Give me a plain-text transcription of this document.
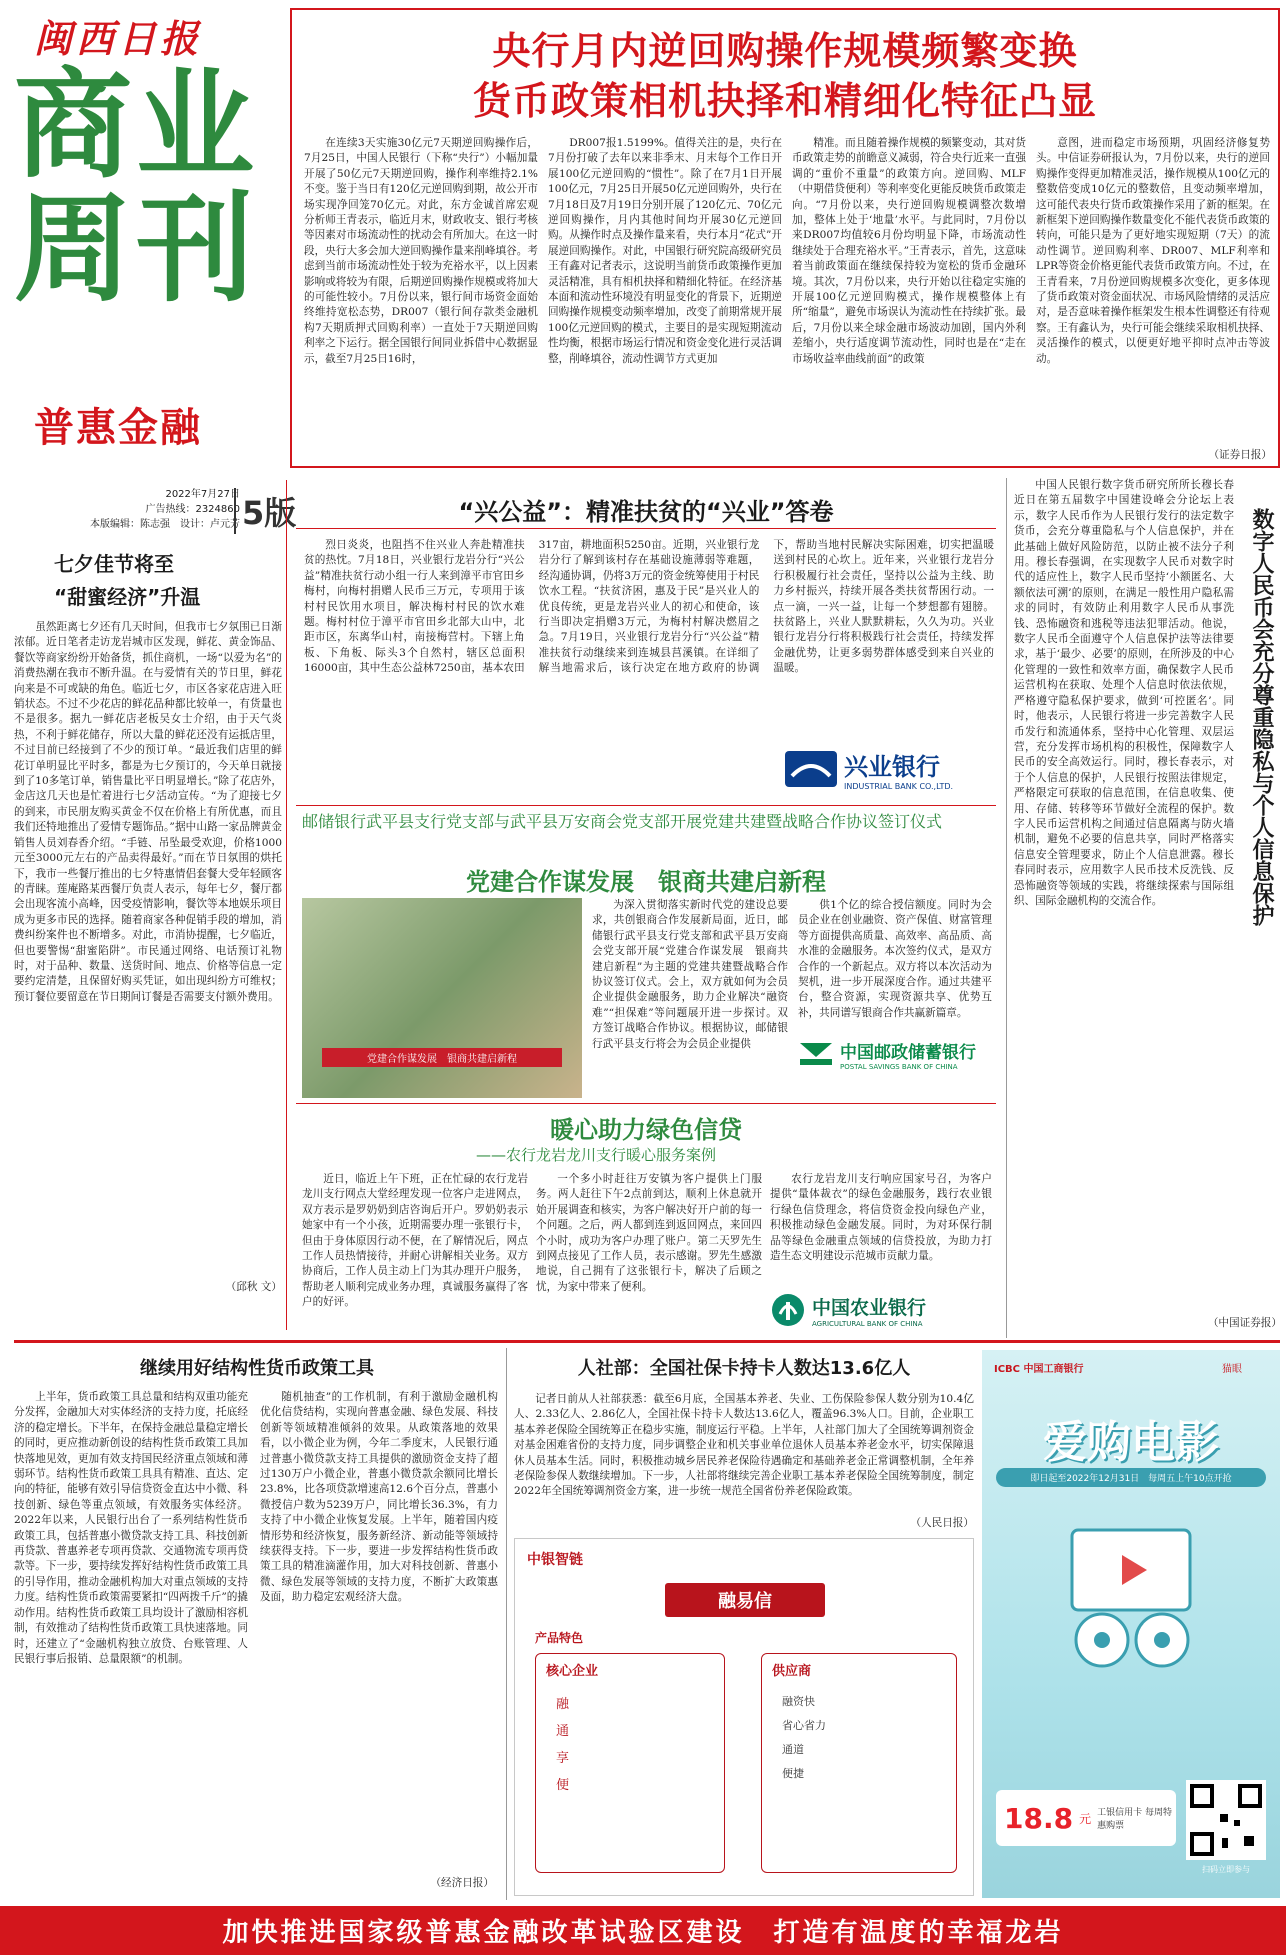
闽西日报
商业周刊
普惠金融
2022年7月27日
广告热线：2324860
本版编辑：陈志强　设计：卢元芳 5版
央行月内逆回购操作规模频繁变换
货币政策相机抉择和精细化特征凸显

在连续3天实施30亿元7天期逆回购操作后，7月25日，中国人民银行（下称“央行”）小幅加量开展了50亿元7天期逆回购，操作利率维持2.1%不变。鉴于当日有120亿元逆回购到期，故公开市场实现净回笼70亿元。对此，东方金诚首席宏观分析师王青表示，临近月末，财政收支、银行考核等因素对市场流动性的扰动会有所加大。在这一时段，央行大多会加大逆回购操作量来削峰填谷。考虑到当前市场流动性处于较为充裕水平，以上因素影响或将较为有限，后期逆回购操作规模或将加大的可能性较小。7月份以来，银行间市场资金面始终维持宽松态势，DR007（银行间存款类金融机构7天期质押式回购利率）一直处于7天期逆回购利率之下运行。据全国银行间同业拆借中心数据显示，截至7月25日16时，

DR007报1.5199%。值得关注的是，央行在7月份打破了去年以来非季末、月末每个工作日开展100亿元逆回购的“惯性”。除了在7月1日开展100亿元，7月25日开展50亿元逆回购外，央行在7月18日及7月19日分别开展了120亿元、70亿元逆回购操作，月内其他时间均开展30亿元逆回购。从操作时点及操作量来看，央行本月“花式”开展逆回购操作。对此，中国银行研究院高级研究员王有鑫对记者表示，这说明当前货币政策操作更加灵活精准，具有相机抉择和精细化特征。在经济基本面和流动性环境没有明显变化的背景下，近期逆回购操作规模变动频率增加，改变了前期常规开展100亿元逆回购的模式，主要目的是实现短期流动性均衡，根据市场运行情况和资金变化进行灵活调整，削峰填谷，流动性调节方式更加

精准。而且随着操作规模的频繁变动，其对货币政策走势的前瞻意义减弱，符合央行近来一直强调的“重价不重量”的政策方向。逆回购、MLF（中期借贷便利）等利率变化更能反映货币政策走向。“7月份以来，央行逆回购规模调整次数增加，整体上处于‘地量’水平。与此同时，7月份以来DR007均值较6月份均明显下降，市场流动性继续处于合理充裕水平。”王青表示，首先，这意味着当前政策面在继续保持较为宽松的货币金融环境。其次，7月份以来，央行开始以往稳定实施的开展100亿元逆回购模式，操作规模整体上有所“缩量”，避免市场误认为流动性在持续扩张。最后，7月份以来全球金融市场波动加剧，国内外利差缩小，央行适度调节流动性，同时也是在“走在市场收益率曲线前面”的政策

意图，进而稳定市场预期，巩固经济修复势头。中信证券研报认为，7月份以来，央行的逆回购操作变得更加精准灵活，操作规模从100亿元的整数倍变成10亿元的整数倍，且变动频率增加，这可能代表央行货币政策操作采用了新的框架。在新框架下逆回购操作数量变化不能代表货币政策的转向，可能只是为了更好地实现短期（7天）的流动性调节。逆回购利率、DR007、MLF利率和LPR等资金价格更能代表货币政策方向。不过，在王青看来，7月份逆回购规模多次变化，更多体现了货币政策对资金面状况、市场风险情绪的灵活应对，是否意味着操作框架发生根本性调整还有待观察。王有鑫认为，央行可能会继续采取相机抉择、灵活操作的模式，以便更好地平抑时点冲击等波动。

（证券日报）
七夕佳节将至
“甜蜜经济”升温

虽然距离七夕还有几天时间，但我市七夕氛围已日渐浓郁。近日笔者走访龙岩城市区发现，鲜花、黄金饰品、餐饮等商家纷纷开始备货，抓住商机，一场“以爱为名”的消费热潮在我市不断升温。在与爱情有关的节日里，鲜花向来是不可或缺的角色。临近七夕，市区各家花店进入旺销状态。不过不少花店的鲜花品种都比较单一，有货量也不是很多。据九一鲜花店老板吴女士介绍，由于天气炎热，不利于鲜花储存，所以大量的鲜花还没有运抵店里，不过目前已经接到了不少的预订单。“最近我们店里的鲜花订单明显比平时多，都是为七夕预订的，今天单日就接到了10多笔订单，销售量比平日明显增长。”除了花店外，金店这几天也是忙着进行七夕活动宣传。“为了迎接七夕的到来，市民朋友购买黄金不仅在价格上有所优惠，而且我们还特地推出了爱情专题饰品。”据中山路一家品牌黄金销售人员刘春香介绍。“手链、吊坠最受欢迎，价格1000元至3000元左右的产品卖得最好。”而在节日氛围的烘托下，我市一些餐厅推出的七夕特惠情侣套餐大受年轻顾客的青睐。莲庵路某西餐厅负责人表示，每年七夕，餐厅都会出现客流小高峰，因受疫情影响，餐饮等本地娱乐项目成为更多市民的选择。随着商家各种促销手段的增加，消费纠纷案件也不断增多。对此，市消协提醒，七夕临近，但也要警惕“甜蜜陷阱”。市民通过网络、电话预订礼物时，对于品种、数量、送货时间、地点、价格等信息一定要约定清楚，且保留好购买凭证，如出现纠纷方可维权；预订餐位要留意在节日期间订餐是否需要支付额外费用。

（邱秋 文）
“兴公益”：精准扶贫的“兴业”答卷

烈日炎炎，也阻挡不住兴业人奔赴精准扶贫的热忱。7月18日，兴业银行龙岩分行“兴公益”精准扶贫行动小组一行人来到漳平市官田乡梅村，向梅村捐赠人民币三万元，专项用于该村村民饮用水项目，解决梅村村民的饮水难题。梅村村位于漳平市官田乡北部大山中，北距市区，东离华山村，南接梅营村。下辖上角板、下角板、际头3个自然村，辖区总面积16000亩，其中生态公益林7250亩，基本农田317亩，耕地面积5250亩。近期，兴业银行龙岩分行了解到该村存在基础设施薄弱等难题，经沟通协调，仍将3万元的资金统筹使用于村民饮水工程。“扶贫济困，惠及于民”是兴业人的优良传统，更是龙岩兴业人的初心和使命，该行当即决定捐赠3万元，为梅村村解决燃眉之急。7月19日，兴业银行龙岩分行“兴公益”精准扶贫行动继续来到连城县莒溪镇。在详细了解当地需求后，该行决定在地方政府的协调下，帮助当地村民解决实际困难，切实把温暖送到村民的心坎上。近年来，兴业银行龙岩分行积极履行社会责任，坚持以公益为主线、助力乡村振兴，持续开展各类扶贫帮困行动。一点一滴，一兴一益，让每一个梦想都有翅膀。扶贫路上，兴业人默默耕耘，久久为功。兴业银行龙岩分行将积极践行社会责任，持续发挥金融优势，让更多弱势群体感受到来自兴业的温暖。

兴业银行
INDUSTRIAL BANK CO.,LTD.	数字人民币会充分尊重隐私与个人信息保护

中国人民银行数字货币研究所所长穆长春近日在第五届数字中国建设峰会分论坛上表示，数字人民币作为人民银行发行的法定数字货币，会充分尊重隐私与个人信息保护，并在此基础上做好风险防范，以防止被不法分子利用。穆长春强调，在实现数字人民币对数字时代的适应性上，数字人民币坚持‘小额匿名、大额依法可溯’的原则，在满足一般性用户隐私需求的同时，有效防止利用数字人民币从事洗钱、恐怖融资和逃税等违法犯罪活动。他说，数字人民币全面遵守个人信息保护法等法律要求，基于‘最少、必要’的原则，在所涉及的中心化管理的一致性和效率方面，确保数字人民币运营机构在获取、处理个人信息时依法依规，严格遵守隐私保护要求，做到‘可控匿名’。同时，他表示，人民银行将进一步完善数字人民币发行和流通体系，坚持中心化管理、双层运营，充分发挥市场机构的积极性，保障数字人民币的安全高效运行。同时，穆长春表示，对于个人信息的保护，人民银行按照法律规定，严格限定可获取的信息范围，在信息收集、使用、存储、转移等环节做好全流程的保护。数字人民币运营机构之间通过信息隔离与防火墙机制，避免不必要的信息共享，同时严格落实信息安全管理要求，防止个人信息泄露。穆长春同时表示，应用数字人民币技术反洗钱、反恐怖融资等领域的实践，将继续探索与国际组织、国际金融机构的交流合作。

（中国证券报）
邮储银行武平县支行党支部与武平县万安商会党支部开展党建共建暨战略合作协议签订仪式
党建合作谋发展　银商共建启新程
党建合作谋发展　银商共建启新程

为深入贯彻落实新时代党的建设总要求，共创银商合作发展新局面，近日，邮储银行武平县支行党支部和武平县万安商会党支部开展“党建合作谋发展　银商共建启新程”为主题的党建共建暨战略合作协议签订仪式。会上，双方就如何为会员企业提供金融服务，助力企业解决“融资难”“担保难”等问题展开进一步探讨。双方签订战略合作协议。根据协议，邮储银行武平县支行将会为会员企业提供

供1个亿的综合授信额度。同时为会员企业在创业融资、资产保值、财富管理等方面提供高质量、高效率、高品质、高水准的金融服务。本次签约仪式，是双方合作的一个新起点。双方将以本次活动为契机，进一步开展深度合作。通过共建平台，整合资源，实现资源共享、优势互补，共同谱写银商合作共赢新篇章。

中国邮政储蓄银行
POSTAL SAVINGS BANK OF CHINA
暖心助力绿色信贷
——农行龙岩龙川支行暖心服务案例

近日，临近上午下班，正在忙碌的农行龙岩龙川支行网点大堂经理发现一位客户走进网点，双方表示是罗奶奶到店咨询后开户。罗奶奶表示她家中有一个小孩，近期需要办理一张银行卡，但由于身体原因行动不便，在了解情况后，网点工作人员热情接待，并耐心讲解相关业务。双方协商后，工作人员主动上门为其办理开户服务，帮助老人顺利完成业务办理，真诚服务赢得了客户的好评。

一个多小时赶往万安镇为客户提供上门服务。两人赶往下午2点前到达，顺利上休息就开始开展调查和核实，为客户解决好开户前的每一个问题。之后，两人都到连到返回网点，来回四个小时，成功为客户办理了账户。第二天罗先生到网点接见了工作人员，表示感谢。罗先生感激地说，自己拥有了这张银行卡，解决了后顾之忧，为家中带来了便利。

农行龙岩龙川支行响应国家号召，为客户提供“量体裁衣”的绿色金融服务，践行农业银行绿色信贷理念，将信贷资金投向绿色产业，积极推动绿色金融发展。同时，为对环保行制品等绿色金融重点领域的信贷投放，为助力打造生态文明建设示范城市贡献力量。

中国农业银行
AGRICULTURAL BANK OF CHINA
继续用好结构性货币政策工具

上半年，货币政策工具总量和结构双重功能充分发挥，金融加大对实体经济的支持力度，托底经济的稳定增长。下半年，在保持金融总量稳定增长的同时，更应推动新创设的结构性货币政策工具加快落地见效，更加有效支持国民经济重点领域和薄弱环节。结构性货币政策工具具有精准、直达、定向的特征，能够有效引导信贷资金直达中小微、科技创新、绿色等重点领域，有效服务实体经济。2022年以来，人民银行出台了一系列结构性货币政策工具，包括普惠小微贷款支持工具、科技创新再贷款、普惠养老专项再贷款、交通物流专项再贷款等。下一步，要持续发挥好结构性货币政策工具的引导作用，推动金融机构加大对重点领域的支持力度。结构性货币政策需要紧扣“四两拨千斤”的撬动作用。结构性货币政策工具均设计了激励相容机制，有效推动了结构性货币政策工具快速落地。同时，还建立了“金融机构独立放贷、台账管理、人民银行事后报销、总量限额”的机制。

随机抽查”的工作机制，有利于激励金融机构优化信贷结构，实现向普惠金融、绿色发展、科技创新等领域精准倾斜的效果。从政策落地的效果看，以小微企业为例，今年二季度末，人民银行通过普惠小微贷款支持工具提供的激励资金支持了超过130万户小微企业，普惠小微贷款余额同比增长23.8%，比各项贷款增速高12.6个百分点，普惠小微授信户数为5239万户，同比增长36.3%，有力支持了中小微企业恢复发展。上半年，随着国内疫情形势和经济恢复，服务新经济、新动能等领域持续获得支持。下一步，要进一步发挥结构性货币政策工具的精准滴灌作用，加大对科技创新、普惠小微、绿色发展等领域的支持力度，不断扩大政策惠及面，助力稳定宏观经济大盘。

（经济日报）
人社部：全国社保卡持卡人数达13.6亿人

记者日前从人社部获悉：截至6月底，全国基本养老、失业、工伤保险参保人数分别为10.4亿人、2.33亿人、2.86亿人，全国社保卡持卡人数达13.6亿人，覆盖96.3%人口。目前，企业职工基本养老保险全国统筹正在稳步实施，制度运行平稳。上半年，人社部门加大了全国统筹调剂资金对基金困难省份的支持力度，同步调整企业和机关事业单位退休人员基本养老金水平，切实保障退休人员基本生活。同时，积极推动城乡居民养老保险待遇确定和基础养老金正常调整机制，全年养老保险参保人数继续增加。下一步，人社部将继续完善企业职工基本养老保险全国统筹制度，制定2022年全国统筹调剂资金方案，进一步统一规范全国省份养老保险政策。

（人民日报）
中银智链
融易信
产品特色
核心企业
融
通
享
便
供应商
融资快
省心省力
通道
便捷
ICBC 中国工商银行	猫眼
爱购电影
即日起至2022年12月31日　每周五上午10点开抢
18.8 元 工银信用卡 每周特惠购票
扫码立即参与
加快推进国家级普惠金融改革试验区建设　打造有温度的幸福龙岩
